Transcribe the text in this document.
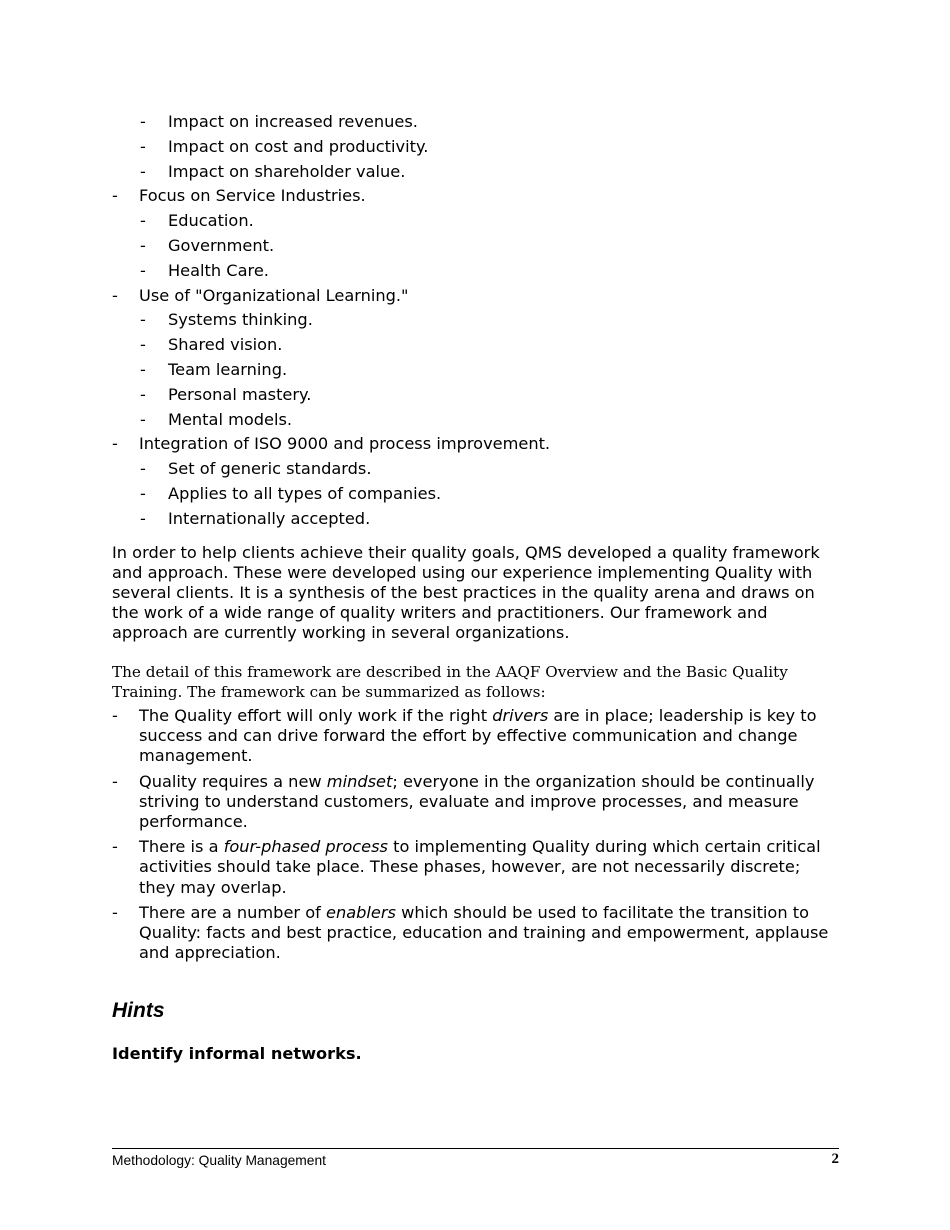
- Impact on increased revenues.
- Impact on cost and productivity.
- Impact on shareholder value.
- Focus on Service Industries.
- Education.
- Government.
- Health Care.
- Use of "Organizational Learning."
- Systems thinking.
- Shared vision.
- Team learning.
- Personal mastery.
- Mental models.
- Integration of ISO 9000 and process improvement.
- Set of generic standards.
- Applies to all types of companies.
- Internationally accepted.

In order to help clients achieve their quality goals, QMS developed a quality framework and approach. These were developed using our experience implementing Quality with several clients. It is a synthesis of the best practices in the quality arena and draws on the work of a wide range of quality writers and practitioners. Our framework and approach are currently working in several organizations.

The detail of this framework are described in the AAQF Overview and the Basic Quality Training. The framework can be summarized as follows:

- The Quality effort will only work if the right drivers are in place; leadership is key to success and can drive forward the effort by effective communication and change management.
- Quality requires a new mindset; everyone in the organization should be continually striving to understand customers, evaluate and improve processes, and measure performance.
- There is a four-phased process to implementing Quality during which certain critical activities should take place. These phases, however, are not necessarily discrete; they may overlap.
- There are a number of enablers which should be used to facilitate the transition to Quality: facts and best practice, education and training and empowerment, applause and appreciation.
Hints
Identify informal networks.
Methodology: Quality Management	2
